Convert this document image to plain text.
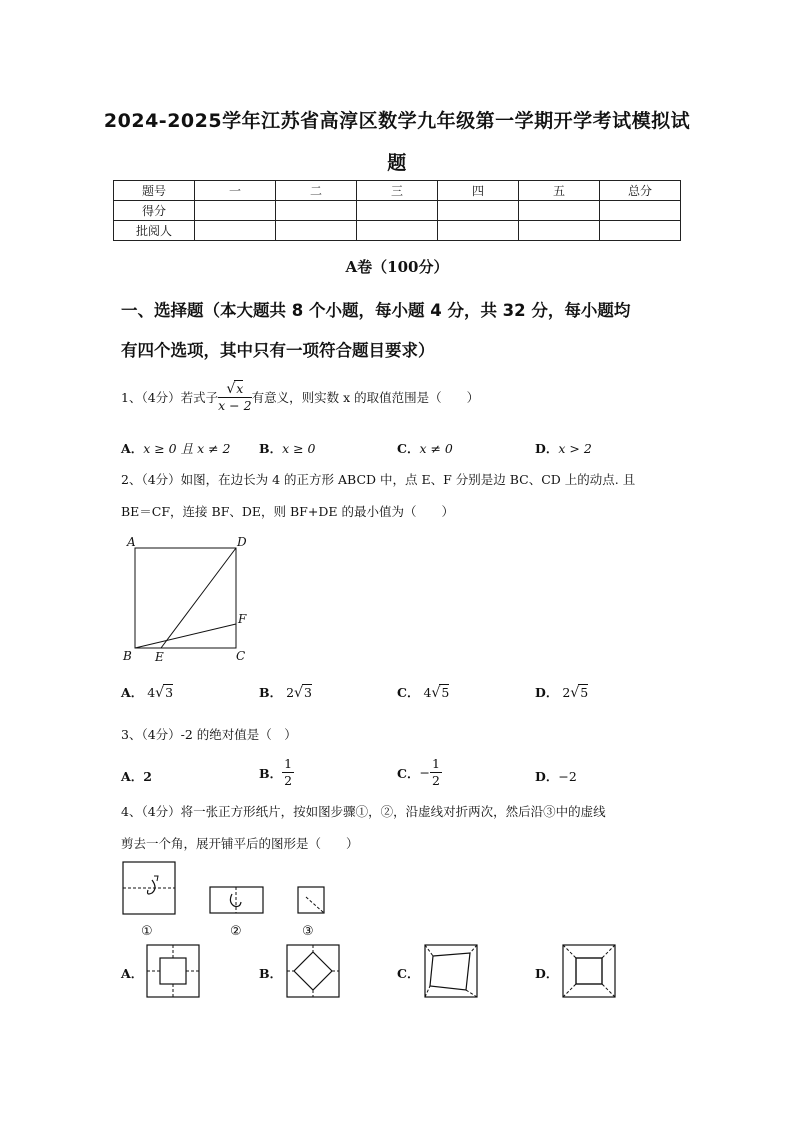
2024-2025学年江苏省高淳区数学九年级第一学期开学考试模拟试
题
题号	一	二	三	四	五	总分
得分						
批阅人						
A卷（100分）
一、选择题（本大题共 8 个小题，每小题 4 分，共 32 分，每小题均
有四个选项，其中只有一项符合题目要求）
1、（4分）若式子 $\frac{√x}{x - 2}$ 有意义，则实数 x 的取值范围是（　　）
A．x ≥ 0 且 x ≠ 2 B．x ≥ 0	C．x ≠ 0	D．x > 2
2、（4分）如图，在边长为 4 的正方形 ABCD 中，点 E、F 分别是边 BC、CD 上的动点. 且
BE＝CF，连接 BF、DE，则 BF+DE 的最小值为（　　）
A	D
F
B E	C
A． 4√3	B． 2√3	C． 4√5	D． 2√5
3、（4分）-2 的绝对值是（　）
A．2	B． $\frac{1}{2}$	C． − $\frac{1}{2}$	D．−2
4、（4分）将一张正方形纸片，按如图步骤①，②，沿虚线对折两次，然后沿③中的虚线
剪去一个角，展开铺平后的图形是（　　）
①	②	③
A．	B．	C．	D．
